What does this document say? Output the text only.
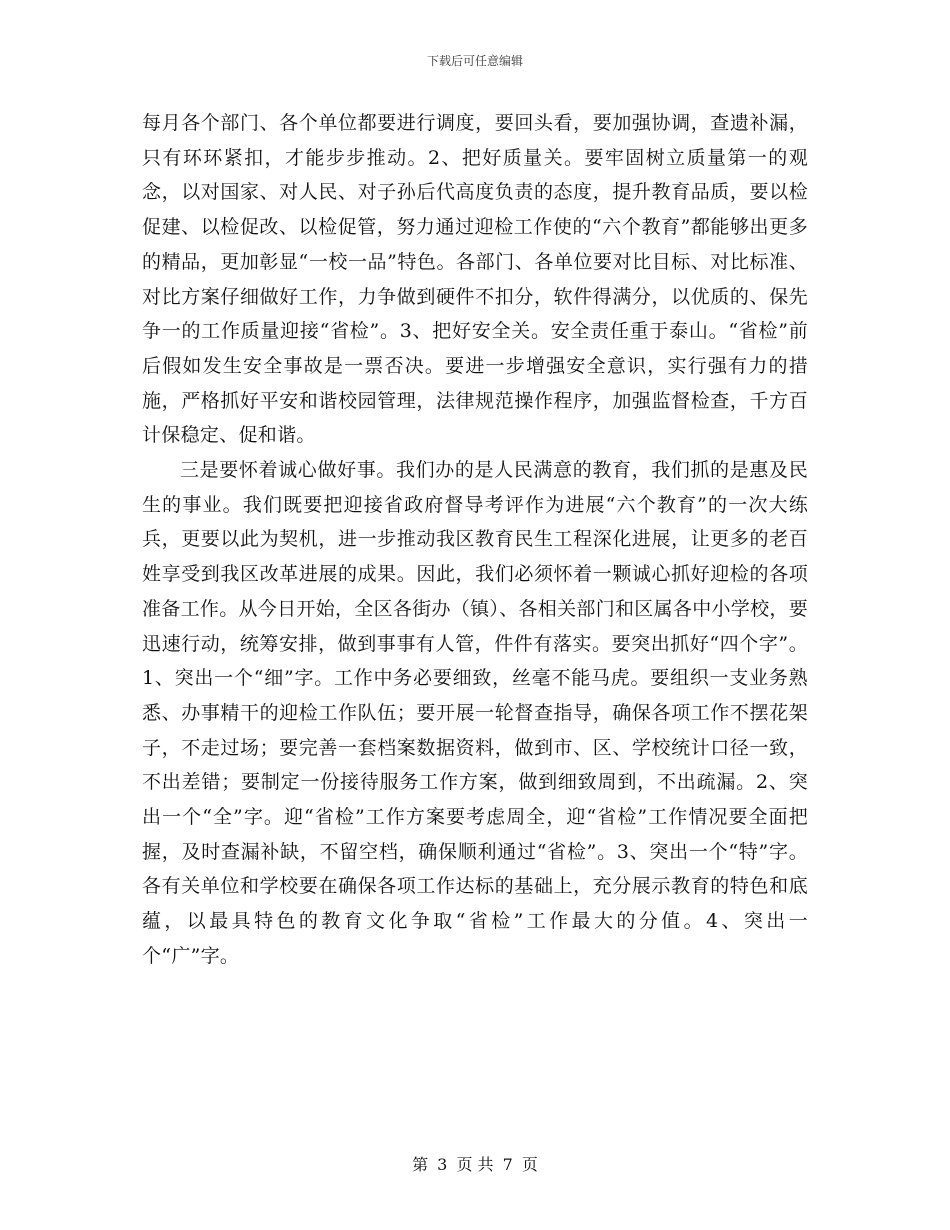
下载后可任意编辑

每月各个部门、各个单位都要进行调度，要回头看，要加强协调，查遗补漏，只有环环紧扣，才能步步推动。2、把好质量关。要牢固树立质量第一的观念，以对国家、对人民、对子孙后代高度负责的态度，提升教育品质，要以检促建、以检促改、以检促管，努力通过迎检工作使的“六个教育”都能够出更多的精品，更加彰显“一校一品”特色。各部门、各单位要对比目标、对比标准、对比方案仔细做好工作，力争做到硬件不扣分，软件得满分，以优质的、保先争一的工作质量迎接“省检”。3、把好安全关。安全责任重于泰山。“省检”前后假如发生安全事故是一票否决。要进一步增强安全意识，实行强有力的措施，严格抓好平安和谐校园管理，法律规范操作程序，加强监督检查，千方百计保稳定、促和谐。

三是要怀着诚心做好事。我们办的是人民满意的教育，我们抓的是惠及民生的事业。我们既要把迎接省政府督导考评作为进展“六个教育”的一次大练兵，更要以此为契机，进一步推动我区教育民生工程深化进展，让更多的老百姓享受到我区改革进展的成果。因此，我们必须怀着一颗诚心抓好迎检的各项准备工作。从今日开始，全区各街办（镇）、各相关部门和区属各中小学校，要迅速行动，统筹安排，做到事事有人管，件件有落实。要突出抓好“四个字”。1、突出一个“细”字。工作中务必要细致，丝毫不能马虎。要组织一支业务熟悉、办事精干的迎检工作队伍；要开展一轮督查指导，确保各项工作不摆花架子，不走过场；要完善一套档案数据资料，做到市、区、学校统计口径一致，不出差错；要制定一份接待服务工作方案，做到细致周到，不出疏漏。2、突出一个“全”字。迎“省检”工作方案要考虑周全，迎“省检”工作情况要全面把握，及时查漏补缺，不留空档，确保顺利通过“省检”。3、突出一个“特”字。各有关单位和学校要在确保各项工作达标的基础上，充分展示教育的特色和底蕴，以最具特色的教育文化争取“省检”工作最大的分值。4、突出一个“广”字。

第 3 页 共 7 页
